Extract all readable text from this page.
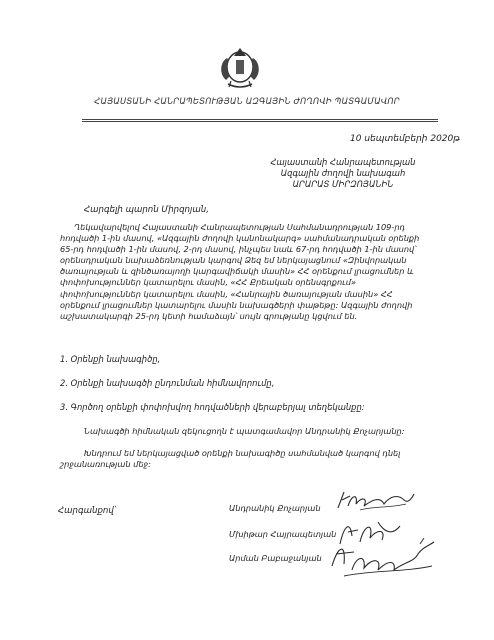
ՀԱՅԱՍՏԱՆԻ ՀԱՆՐԱՊԵՏՈՒԹՅԱՆ ԱԶԳԱՅԻՆ ԺՈՂՈՎԻ ՊԱՏԳԱՄԱՎՈՐ
10 սեպտեմբերի 2020թ
Հայաստանի Հանրապետության
Ազգային ժողովի նախագահ
ԱՐԱՐԱՏ ՄԻՐԶՈՅԱՆԻՆ
Հարգելի պարոն Միրզոյան,
Ղեկավարվելով Հայաստանի Հանրապետության Սահմանադրության 109-րդ
հոդվածի 1-ին մասով, «Ազգային ժողովի կանոնակարգ» սահմանադրական օրենքի
65-րդ հոդվածի 1-ին մասով, 2-րդ մասով, ինչպես նաև 67-րդ հոդվածի 1-ին մասով՝
օրենսդրական նախաձեռնության կարգով Ձեզ եմ ներկայացնում «Զինվորական
ծառայության և զինծառայողի կարգավիճակի մասին» ՀՀ օրենքում լրացումներ և
փոփոխություններ կատարելու մասին, «ՀՀ Քրեական օրենսգրքում»
փոփոխություններ կատարելու մասին, «Հանրային ծառայության մասին» ՀՀ
օրենքում լրացումներ կատարելու մասին նախագծերի փաթեթը: Ազգային ժողովի
աշխատակարգի 25-րդ կետի համաձայն՝ սույն գրությանը կցվում են.
1. Օրենքի նախագիծը,
2. Օրենքի նախագծի ընդունման հիմնավորումը,
3. Գործող օրենքի փոփոխվող հոդվածների վերաբերյալ տեղեկանքը:
Նախագծի հիմնական զեկուցողն է պատգամավոր Անդրանիկ Քոչարյանը:
Խնդրում եմ ներկայացված օրենքի նախագիծը սահմանված կարգով դնել
շրջանառության մեջ:
Հարգանքով՝	Անդրանիկ Քոչարյան
Մխիթար Հայրապետյան
Արման Բաբաջանյան
